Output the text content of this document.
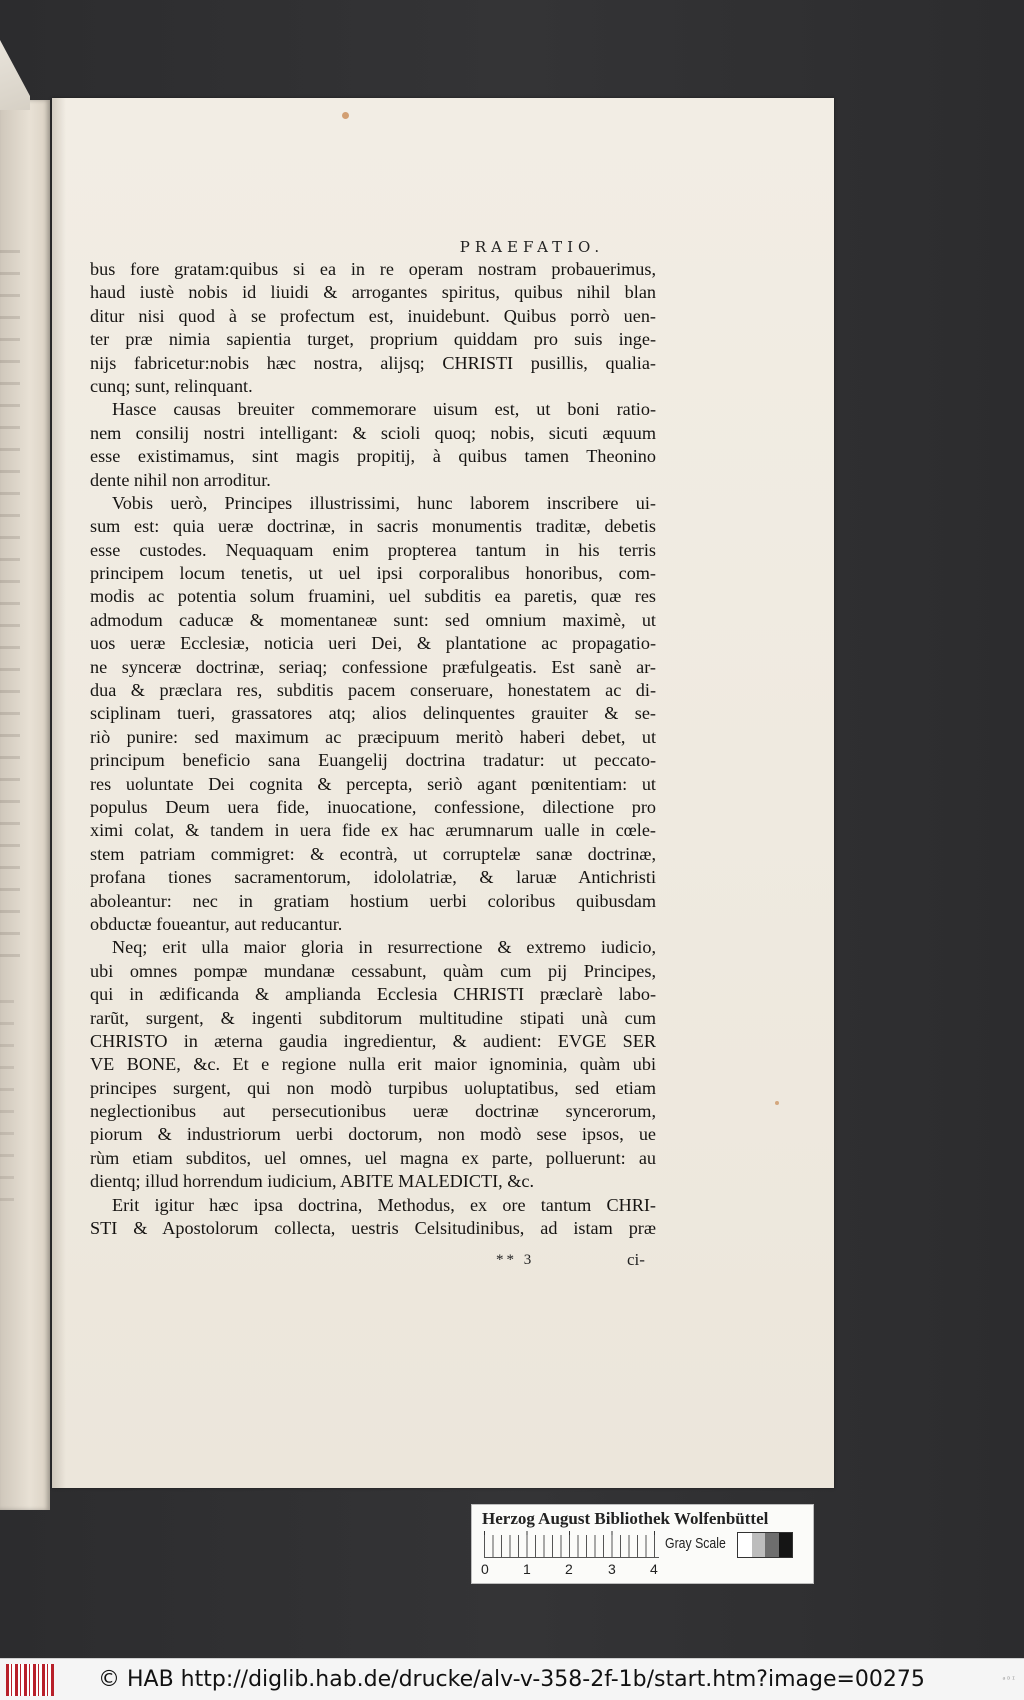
PRAEFATIO.
bus fore gratam:quibus si ea in re operam nostram probauerimus,
haud iustè nobis id liuidi & arrogantes spiritus, quibus nihil blan
ditur nisi quod à se profectum est, inuidebunt. Quibus porrò uen-
ter præ nimia sapientia turget, proprium quiddam pro suis inge-
nijs fabricetur:nobis hæc nostra, alijsq; CHRISTI pusillis, qualia-
cunq; sunt, relinquant.
Hasce causas breuiter commemorare uisum est, ut boni ratio-
nem consilij nostri intelligant: & scioli quoq; nobis, sicuti æquum
esse existimamus, sint magis propitij, à quibus tamen Theonino
dente nihil non arroditur.
Vobis uerò, Principes illustrissimi, hunc laborem inscribere ui-
sum est: quia ueræ doctrinæ, in sacris monumentis traditæ, debetis
esse custodes. Nequaquam enim propterea tantum in his terris
principem locum tenetis, ut uel ipsi corporalibus honoribus, com-
modis ac potentia solum fruamini, uel subditis ea paretis, quæ res
admodum caducæ & momentaneæ sunt: sed omnium maximè, ut
uos ueræ Ecclesiæ, noticia ueri Dei, & plantatione ac propagatio-
ne synceræ doctrinæ, seriaq; confessione præfulgeatis. Est sanè ar-
dua & præclara res, subditis pacem conseruare, honestatem ac di-
sciplinam tueri, grassatores atq; alios delinquentes grauiter & se-
riò punire: sed maximum ac præcipuum meritò haberi debet, ut
principum beneficio sana Euangelij doctrina tradatur: ut peccato-
res uoluntate Dei cognita & percepta, seriò agant pœnitentiam: ut
populus Deum uera fide, inuocatione, confessione, dilectione pro
ximi colat, & tandem in uera fide ex hac ærumnarum ualle in cœle-
stem patriam commigret: & econtrà, ut corruptelæ sanæ doctrinæ,
profana tiones sacramentorum, idololatriæ, & laruæ Antichristi
aboleantur: nec in gratiam hostium uerbi coloribus quibusdam
obductæ foueantur, aut reducantur.
Neq; erit ulla maior gloria in resurrectione & extremo iudicio,
ubi omnes pompæ mundanæ cessabunt, quàm cum pij Principes,
qui in ædificanda & amplianda Ecclesia CHRISTI præclarè labo-
rarũt, surgent, & ingenti subditorum multitudine stipati unà cum
CHRISTO in æterna gaudia ingredientur, & audient: EVGE SER
VE BONE, &c. Et e regione nulla erit maior ignominia, quàm ubi
principes surgent, qui non modò turpibus uoluptatibus, sed etiam
neglectionibus aut persecutionibus ueræ doctrinæ syncerorum,
piorum & industriorum uerbi doctorum, non modò sese ipsos, ue
rùm etiam subditos, uel omnes, uel magna ex parte, polluerunt: au
dientq; illud horrendum iudicium, ABITE MALEDICTI, &c.
Erit igitur hæc ipsa doctrina, Methodus, ex ore tantum CHRI-
STI & Apostolorum collecta, uestris Celsitudinibus, ad istam præ
** 3	ci-
Herzog August Bibliothek Wolfenbüttel
0 1 2	3 4
Gray Scale
© HAB http://diglib.hab.de/drucke/alv-v-358-2f-1b/start.htm?image=00275	ᵃᴰᴵ
